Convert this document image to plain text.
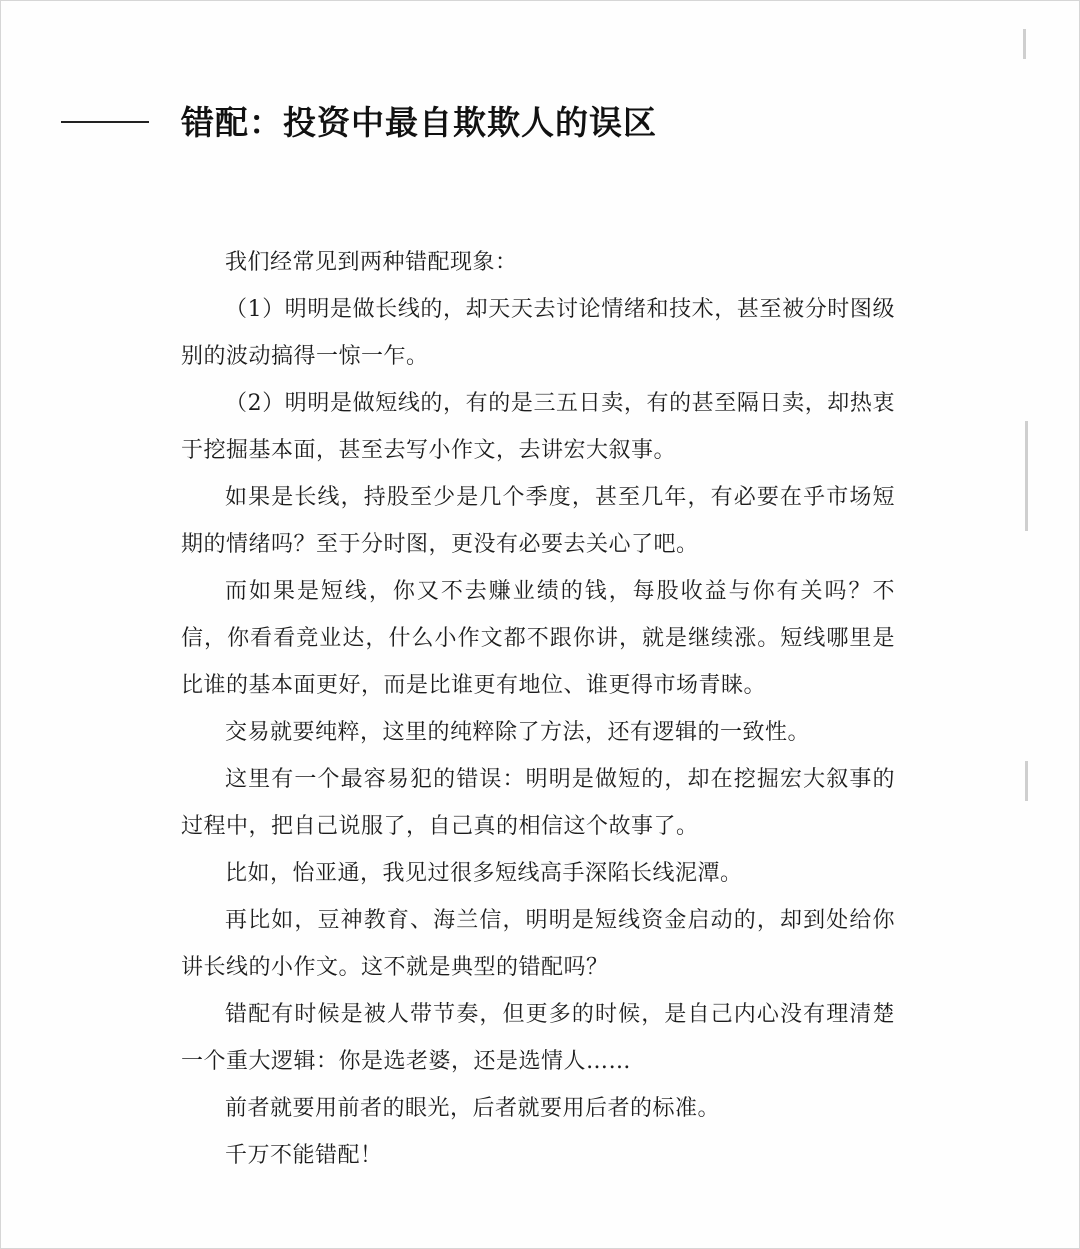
错配：投资中最自欺欺人的误区

我们经常见到两种错配现象：

（1）明明是做长线的，却天天去讨论情绪和技术，甚至被分时图级别的波动搞得一惊一乍。

（2）明明是做短线的，有的是三五日卖，有的甚至隔日卖，却热衷于挖掘基本面，甚至去写小作文，去讲宏大叙事。

如果是长线，持股至少是几个季度，甚至几年，有必要在乎市场短期的情绪吗？至于分时图，更没有必要去关心了吧。

而如果是短线，你又不去赚业绩的钱，每股收益与你有关吗？不信，你看看竞业达，什么小作文都不跟你讲，就是继续涨。短线哪里是比谁的基本面更好，而是比谁更有地位、谁更得市场青睐。

交易就要纯粹，这里的纯粹除了方法，还有逻辑的一致性。

这里有一个最容易犯的错误：明明是做短的，却在挖掘宏大叙事的过程中，把自己说服了，自己真的相信这个故事了。

比如，怡亚通，我见过很多短线高手深陷长线泥潭。

再比如，豆神教育、海兰信，明明是短线资金启动的，却到处给你讲长线的小作文。这不就是典型的错配吗？

错配有时候是被人带节奏，但更多的时候，是自己内心没有理清楚一个重大逻辑：你是选老婆，还是选情人……

前者就要用前者的眼光，后者就要用后者的标准。

千万不能错配！
